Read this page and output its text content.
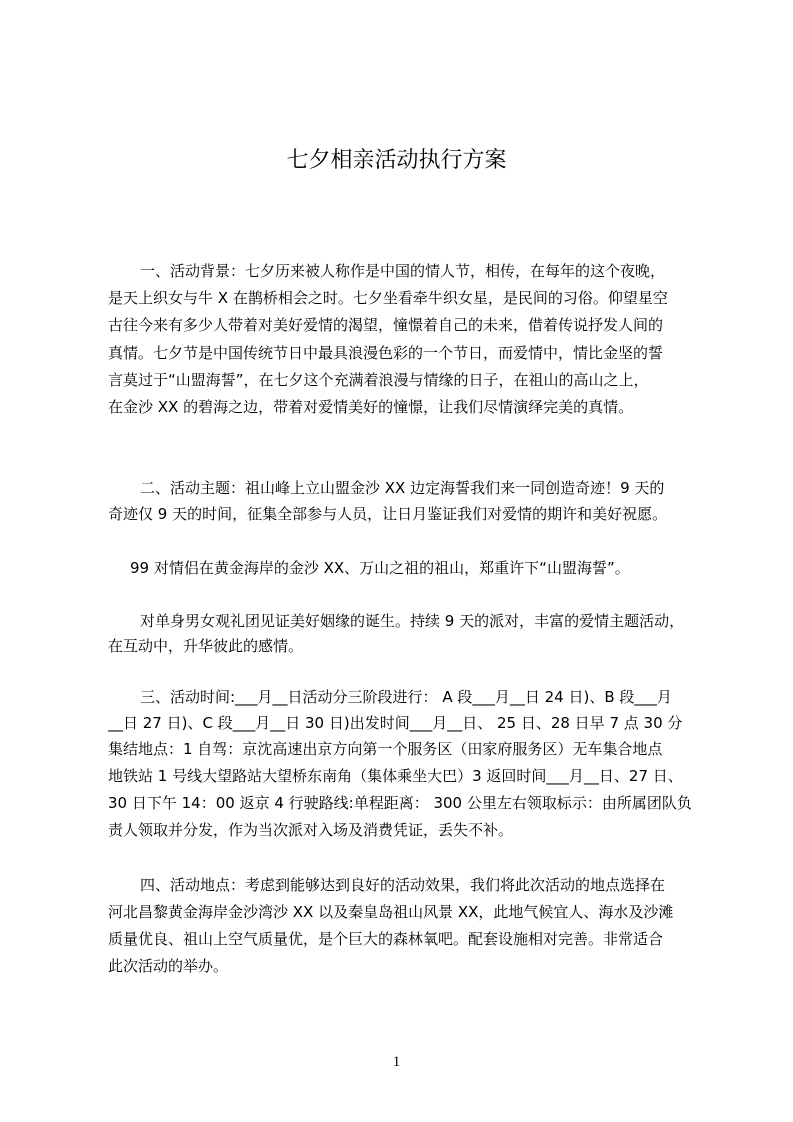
七夕相亲活动执行方案
一、活动背景：七夕历来被人称作是中国的情人节，相传，在每年的这个夜晚，
是天上织女与牛 X 在鹊桥相会之时。七夕坐看牵牛织女星，是民间的习俗。仰望星空
古往今来有多少人带着对美好爱情的渴望，憧憬着自己的未来，借着传说抒发人间的
真情。七夕节是中国传统节日中最具浪漫色彩的一个节日，而爱情中，情比金坚的誓
言莫过于“山盟海誓”，在七夕这个充满着浪漫与情缘的日子，在祖山的高山之上，
在金沙 XX 的碧海之边，带着对爱情美好的憧憬，让我们尽情演绎完美的真情。
二、活动主题：祖山峰上立山盟金沙 XX 边定海誓我们来一同创造奇迹！9 天的
奇迹仅 9 天的时间，征集全部参与人员，让日月鉴证我们对爱情的期许和美好祝愿。
99 对情侣在黄金海岸的金沙 XX、万山之祖的祖山，郑重许下“山盟海誓”。
对单身男女观礼团见证美好姻缘的诞生。持续 9 天的派对，丰富的爱情主题活动，
在互动中，升华彼此的感情。
三、活动时间:___月__日活动分三阶段进行： A 段___月__日 24 日)、B 段___月
__日 27 日)、C 段___月__日 30 日)出发时间___月__日、 25 日、28 日早 7 点 30 分
集结地点：1 自驾：京沈高速出京方向第一个服务区（田家府服务区）无车集合地点
地铁站 1 号线大望路站大望桥东南角（集体乘坐大巴）3 返回时间___月__日、27 日、
30 日下午 14：00 返京 4 行驶路线:单程距离： 300 公里左右领取标示：由所属团队负
责人领取并分发，作为当次派对入场及消费凭证，丢失不补。
四、活动地点：考虑到能够达到良好的活动效果，我们将此次活动的地点选择在
河北昌黎黄金海岸金沙湾沙 XX 以及秦皇岛祖山风景 XX，此地气候宜人、海水及沙滩
质量优良、祖山上空气质量优，是个巨大的森林氧吧。配套设施相对完善。非常适合
此次活动的举办。
1
